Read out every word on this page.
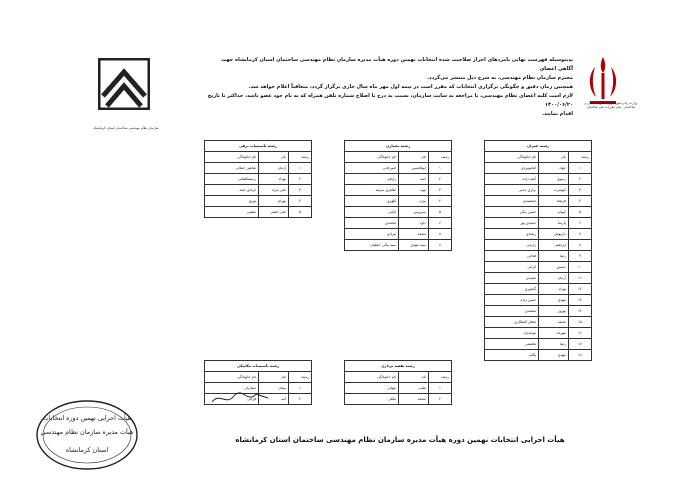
وزارت راه و شهرسازی - معاونت مسکن و ساختمان - دفتر مقررات ملی ساختمان
سازمان نظام مهندسی ساختمان استان کرمانشاه

بدینوسیله فهرست نهایی نامزدهای احراز صلاحیت شده انتخابات نهمین دوره هیأت مدیره سازمان نظام مهندسی ساختمان استان کرمانشاه جهت آگاهی اعضای

محترم سازمان نظام مهندسی، به شرح ذیل منتشر می‌گردد.

همچنین زمان دقیق و چگونگی برگزاری انتخابات که مقرر است در نیمه اول مهر ماه سال جاری برگزار گردد، متعاقباً اعلام خواهد شد.

لازم است کلیه اعضای نظام مهندسی، با مراجعه به سایت سازمان، نسبت به درج یا اصلاح شماره تلفن همراه که به نام خود عضو باشد، حداکثر تا تاریخ ۱۴۰۰/۰۶/۲۰

اقدام نمایند.

رشته عمران		
ردیف	نام	نام خانوادگی
۱	جواد	امامویردی
۲	رسول	آنجه زاده
۳	کیومرث	برازی جدیر
۴	فرشاد	جمشیدی
۵	کیوان	حسن بیگی
۶	پارسا	حمیدی پور
۷	داریوش	رشادی
۸	ابراهیم	زارعی
۹	رضا	فتاحی
۱۰	حسین	کرانی
۱۱	آرمان	مجیدی
۱۲	بهزاد	گنجوری
۱۳	مهدی	حسن زاده
۱۴	بهروز	محمدی
۱۵	محمد	مختار النفکاری
۱۶	مهرداد	موحدیان
۱۷	رضا	هاشمی
۱۸	مهدی	یگانه
رشته معماری		
ردیف	نام	نام خانوادگی
۱	ابوالحسن	امیرخانی
۲	امید	رازقی
۳	نوید	طاهری سرمد
۴	بیژن	کلهری
۵	سیروس	کیانی
۶	داود	محمدی
۷	محمد	مرادی
۸	سید مهدی	سید بیگی جلیلیان
رشته تأسیسات برقی		
ردیف	نام	نام خانوادگی
۱	آرمان	شاهین جمالی
۲	بهزاد	رستمکشانی
۳	علی مراد	مرادی نجند
۴	بهرام	نوری
۵	علی اصغر	مشتی
رشته نقشه برداری		
ردیف	نام	نام خانوادگی
۱	طیب	جهانی
۲	محمد	ملکی
رشته تأسیسات مکانیکی		
ردیف	نام	نام خانوادگی
۱	پیمان	ستاریان
۲	آتیه	فرخی
هیأت اجرایی انتخابات نهمین دوره هیأت مدیره سازمان نظام مهندسی ساختمان استان کرمانشاه
هیأت اجرایی نهمین دوره انتخابات
هیأت مدیره سازمان نظام مهندسی
استان کرمانشاه
